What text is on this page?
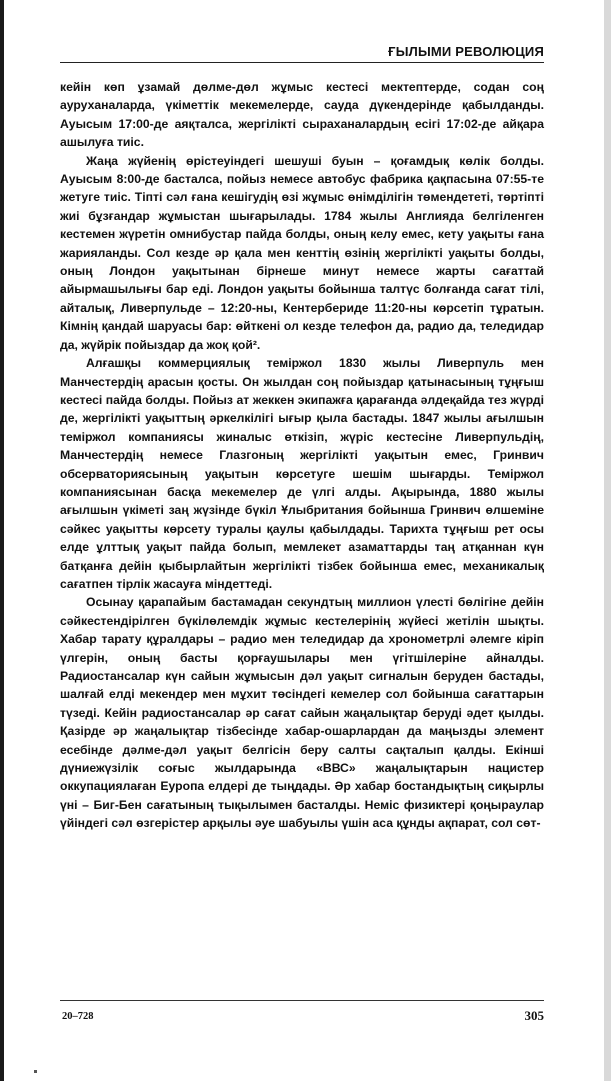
ҒЫЛЫМИ РЕВОЛЮЦИЯ

кейін көп ұзамай дөлме-дөл жұмыс кестесі мектептерде, содан соң ауруханаларда, үкіметтік мекемелерде, сауда дүкендерінде қабылданды. Ауысым 17:00-де аяқталса, жергілікті сыраханалардың есігі 17:02-де айқара ашылуға тиіс.

Жаңа жүйенің өрістеуіндегі шешуші буын – қоғамдық көлік болды. Ауысым 8:00-де басталса, пойыз немесе автобус фабрика қақпасына 07:55-те жетуге тиіс. Тіпті сәл ғана кешігудің өзі жұмыс өнімділігін төмендететі, төртіпті жиі бұзғандар жұмыстан шығарылады. 1784 жылы Англияда белгіленген кестемен жүретін омнибустар пайда болды, оның келу емес, кету уақыты ғана жарияланды. Сол кезде әр қала мен кенттің өзінің жергілікті уақыты болды, оның Лондон уақытынан бірнеше минут немесе жарты сағаттай айырмашылығы бар еді. Лондон уақыты бойынша талтүс болғанда сағат тілі, айталық, Ливерпульде – 12:20-ны, Кентербериде 11:20-ны көрсетіп тұратын. Кімнің қандай шаруасы бар: өйткені ол кезде телефон да, радио да, теледидар да, жүйрік пойыздар да жоқ қой².

Алғашқы коммерциялық теміржол 1830 жылы Ливерпуль мен Манчестердің арасын қосты. Он жылдан соң пойыздар қатынасының тұңғыш кестесі пайда болды. Пойыз ат жеккен экипажға қарағанда әлдеқайда тез жүрді де, жергілікті уақыттың әркелкілігі ығыр қыла бастады. 1847 жылы ағылшын теміржол компаниясы жиналыс өткізіп, жүріс кестесіне Ливерпульдің, Манчестердің немесе Глазгоның жергілікті уақытын емес, Гринвич обсерваториясының уақытын көрсетуге шешім шығарды. Теміржол компаниясынан басқа мекемелер де үлгі алды. Ақырында, 1880 жылы ағылшын үкіметі заң жүзінде бүкіл Ұлыбритания бойынша Гринвич өлшеміне сәйкес уақытты көрсету туралы қаулы қабылдады. Тарихта тұңғыш рет осы елде ұлттық уақыт пайда болып, мемлекет азаматтарды таң атқаннан күн батқанға дейін қыбырлайтын жергілікті тізбек бойынша емес, механикалық сағатпен тірлік жасауға міндеттеді.

Осынау қарапайым бастамадан секундтың миллион үлесті бөлігіне дейін сәйкестендірілген бүкілөлемдік жұмыс кестелерінің жүйесі жетілін шықты. Хабар тарату құралдары – радио мен теледидар да хронометрлі әлемге кіріп үлгерін, оның басты қорғаушылары мен үгітшілеріне айналды. Радиостансалар күн сайын жұмысын дәл уақыт сигналын беруден бастады, шалғай елді мекендер мен мұхит төсіндегі кемелер сол бойынша сағаттарын түзеді. Кейін радиостансалар әр сағат сайын жаңалықтар беруді әдет қылды. Қазірде әр жаңалықтар тізбесінде хабар-ошарлардан да маңызды элемент есебінде дәлме-дәл уақыт белгісін беру салты сақталып қалды. Екінші дүниежүзілік соғыс жылдарында «ВВС» жаңалықтарын нацистер оккупациялаған Еуропа елдері де тыңдады. Әр хабар бостандықтың сиқырлы үні – Биг-Бен сағатының тықылымен басталды. Неміс физиктері қоңыраулар үйіндегі сәл өзгерістер арқылы әуе шабуылы үшін аса құнды ақпарат, сол сөт-

20–728	305
